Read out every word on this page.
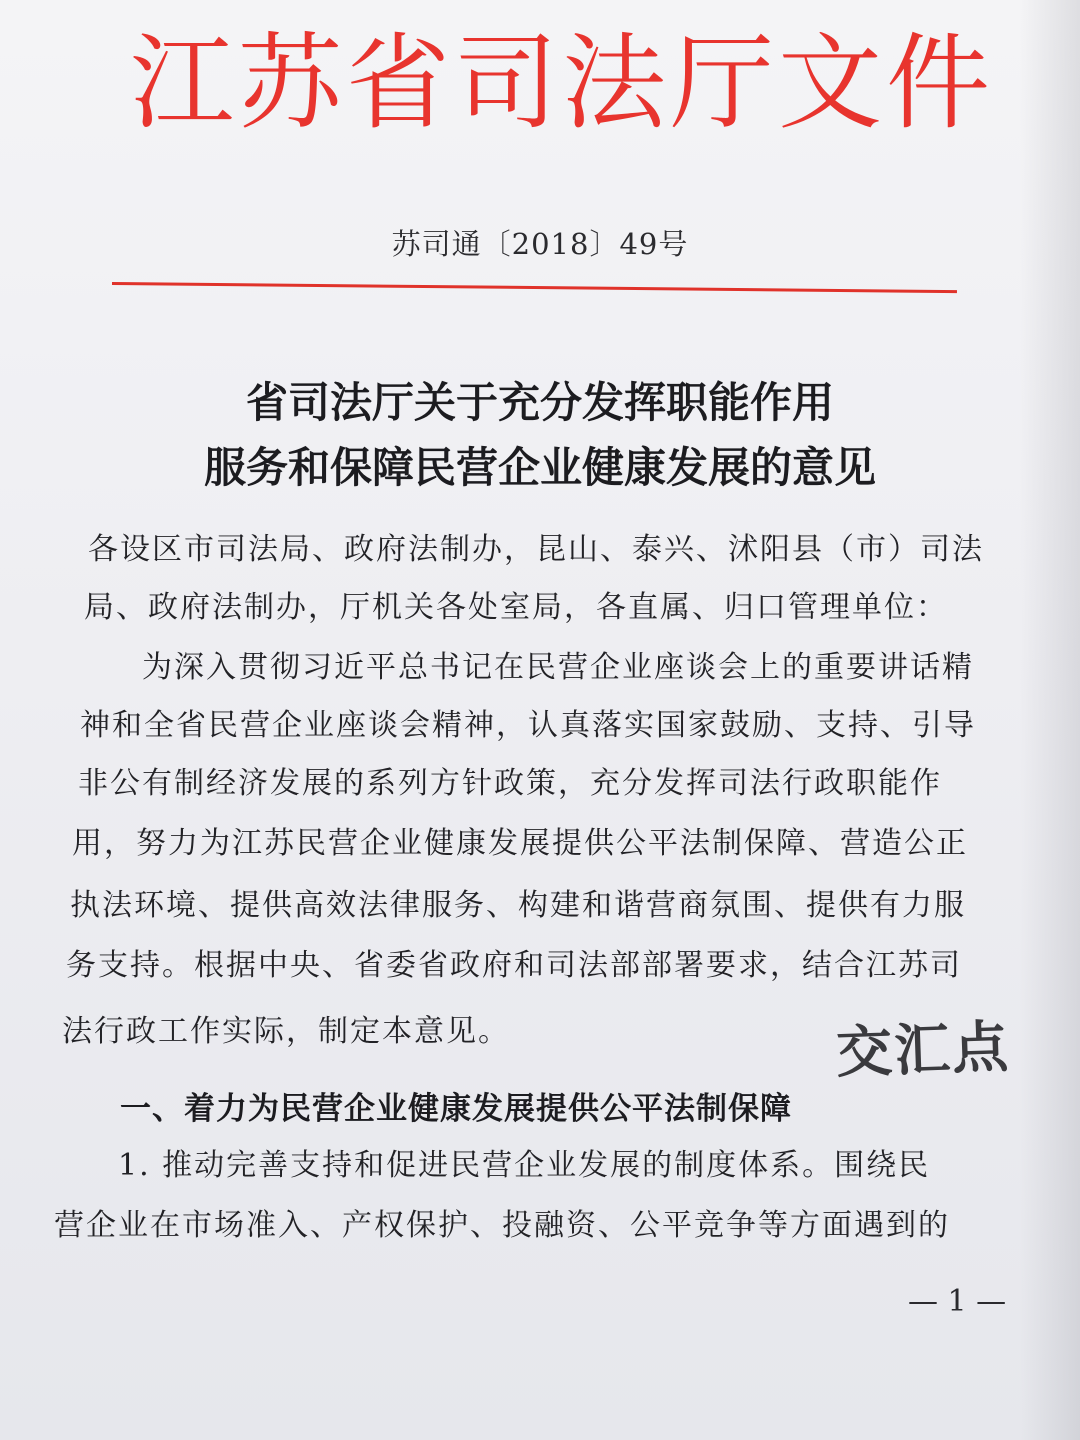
江苏省司法厅文件
苏司通〔2018〕49号
省司法厅关于充分发挥职能作用
服务和保障民营企业健康发展的意见
各设区市司法局、政府法制办，昆山、泰兴、沭阳县（市）司法
局、政府法制办，厅机关各处室局，各直属、归口管理单位：
为深入贯彻习近平总书记在民营企业座谈会上的重要讲话精
神和全省民营企业座谈会精神，认真落实国家鼓励、支持、引导
非公有制经济发展的系列方针政策，充分发挥司法行政职能作
用，努力为江苏民营企业健康发展提供公平法制保障、营造公正
执法环境、提供高效法律服务、构建和谐营商氛围、提供有力服
务支持。根据中央、省委省政府和司法部部署要求，结合江苏司
法行政工作实际，制定本意见。	交汇点
一、着力为民营企业健康发展提供公平法制保障
1. 推动完善支持和促进民营企业发展的制度体系。围绕民
营企业在市场准入、产权保护、投融资、公平竞争等方面遇到的
— 1 —
